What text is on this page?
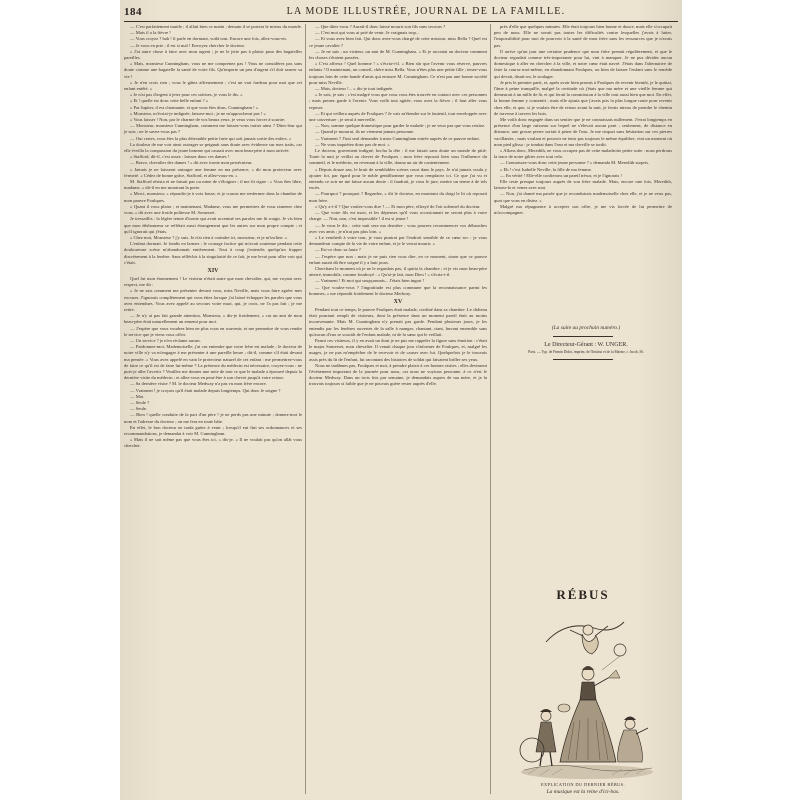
184	LA MODE ILLUSTRÉE, JOURNAL DE LA FAMILLE.

— C'est parfaitement inutile ; il allait bien ce matin ; demain il se portera le mieux du monde.

— Mais il a la fièvre !

— Vous croyez ? bah ! il parle en dormant, voilà tout. Encore une fois, allez-vous-en.

— Je vous en prie ; il est si mal ! Envoyez chercher le docteur.

« J'ai autre chose à faire avec mon argent ; je ne le jette pas à plaisir pour des bagatelles pareilles.

« Mais, monsieur Cunningham, vous ne me comprenez pas ! Vous ne considérez pas sans doute comme une bagatelle la santé de votre fils. Qu'importe un peu d'argent s'il doit sauver sa vie !

« Je n'en crois rien ; vous le gâtez affreusement ; c'est un vrai fardeau pour moi que cet enfant entêté. »

« Je n'ai pas d'argent à jeter pour ces sottises, je vous le dis. »

« Et ! quelle est donc cette belle enfant ? »

« Par Jupiter, il est charmante, et que vous êtes donc, Cunningham ! »

« Monsieur, m'écriai-je indignée, laissez-moi ; je ne m'approcherai pas ! »

« Vous laisser ! Non, par le charme de vos beaux yeux, je veux vous forcer à sourire.

— Monsieur, monsieur Cunningham, comment me laissez-vous traiter ainsi ? Dites-leur qui je suis ; ne le savez-vous pas ?

— Oui certes, vous êtes la plus détestable petite furie qui soit jamais sortie des enfers. »

La douleur de me voir ainsi outrager se peignait sans doute avec évidence sur mes traits, car elle éveilla la compassion du jeune homme qui causait avec mon beau-père à mon arrivée.

« Stafford, dit-il, c'est assez : laissez donc ces dames !

— Bravo, chevalier des dames ! » dit avec ironie mon persécuteur.

« Jamais je ne laisserai outrager une femme en ma présence, » dit mon protecteur avec fermeté. « Cédez de bonne grâce, Stafford, et allez-vous-en. »

M. Stafford résista et ne faisait pas ou mine de s'éloigner ; il me fit signe : « Vous êtes libre, madame, » dit-il en me montrant la porte.

« Merci, monsieur, » répondis-je à voix basse, et je courus me renfermer dans la chambre de mon pauvre Foulques.

« Quant il vous plaira ; et maintenant, Madame, vous me permettrez de vous ramener chez vous, » dit avec une froide politesse M. Somerset.

Je tressaillis : la légère teinte d'ironie qui avait accentué ses paroles me fit rougir. Je vis bien que mon déshonneur se reflétait aussi étrangement que les autres sur mon propre compte ; et qu'il ignorait qui j'étais.

« Chez moi, Monsieur ? j'y suis. Je n'ai rien à craindre ici, monsieur, et je m'incline. »

L'enfant dormait. Je fondis en larmes ; le courage factice qui m'avait soutenue pendant cette douloureuse scène m'abandonnait entièrement. Tout à coup j'entendis quelqu'un frapper discrètement à la fenêtre. Sans réfléchir à la singularité de ce fait, je me levai pour aller voir qui c'était.

XIV

Quel fut mon étonnement ! Le visiteur n'était autre que mon chevalier, qui, me voyant avec respect, me dit :

« Je ne sais comment me présenter devant vous, miss Neville, mais vous faire agréer mes excuses. J'ignorais complètement qui vous étiez lorsque j'ai laissé échapper les paroles que vous avez entendues. Vous avez appelé au secours votre mari, qui, je crois, ne l'a pas fait ; je me retire.

— Je n'y ai pas fait grande attention, Monsieur, » dis-je froidement, « car un ami de mon beau-père était naturellement un ennemi pour moi.

— J'espère que vous voudrez bien ne plus vous en souvenir, et me permettre de vous rendre le service que je viens vous offrir.

— Un service ? je n'en réclame aucun.

— Pardonnez-moi, Mademoiselle, j'ai cru entendre que votre frère est malade ; le docteur de notre ville n'y va m'engager à me présenter à une pareille heure ; dit-il, comme s'il était devant ma pensée. « Vous avez appelé en vain le protecteur naturel de cet enfant : me permettrez-vous de faire ce qu'il est de faire lui-même ? La présence du médecin est nécessaire, croyez-vous : ne puis-je aller l'avertir ? Veuillez me donner une note de tout ce que le malade a éprouvé depuis la dernière visite du médecin ; et allez-vous en peut-être à son chevet jusqu'à votre retour.

— Sa dernière visite ? M. le docteur Medway n'a pas vu mon frère encore.

— Vraiment ! je croyais qu'il était malade depuis longtemps. Qui donc le soigne ?

— Moi.

— Seule ?

— Seule.

— Bien ! quelle conduite de la part d'un père ! je ne perds pas une minute ; donnez-moi le nom et l'adresse du docteur ; on me fera en toute hâte.

En effet, le bon docteur ne tarda guère à venir ; lorsqu'il eut fini ses ordonnances et ses recommandations, je demandai à voir M. Cunningham.

« Mais il ne sait même pas que vous êtes ici, » dis-je. « Il ne voulait pas qu'on allât vous chercher.

— Que dites-vous ? Aurait-il donc laissé mourir son fils sans secours ?

— C'est moi qui vous ai prié de venir. Je craignais trop...

— Et vous avez bien fait. Qui donc avez-vous chargé de cette mission, miss Bella ? Quel est ce jeune cavalier ?

— Je ne sais ; un visiteur, un ami de M. Cunningham. » Et je racontai au docteur comment les choses s'étaient passées.

« C'est affreux ! Quel homme ! » s'écria-t-il. « Bien sûr que l'avenir vous réserve, pauvres enfants ! Il maintenant, un conseil, chère miss Bella. Vous n'êtes plus une petite fille ; tenez-vous toujours loin de cette bande d'amis qui entoure M. Cunningham. Ce n'est pas une bonne société pour miss Neville.

— Mais, docteur !... » dis-je tout indignée.

« Je sais, je sais ; c'est malgré vous que vous vous êtes trouvée en contact avec ces personnes ; mais prenez garde à l'avenir. Vous voilà tout agitée, vous avez la fièvre ; il faut aller vous reposer.

— Et qui veillera auprès de Foulques ? Je vais m'étendre sur le fauteuil, tout enveloppée avec une couverture ; je serai à merveille.

— Non, somme quelque domestique pour garder le malade ; je ne veux pas que vous restiez.

— Quand je mourrai, ils ne viennent jamais personne.

— Vraiment ? J'irai seul demander à miss Cunningham entrée auprès de ce pauvre enfant.

— Ne vous inquiétez donc pas de moi. »

Le docteur, gravement indigné, hocha la tête : il me faisait sans doute un monde de pitié. Toute la nuit je veillai au chevet de Foulques ; mon frère reposait bien sous l'influence du sommeil, et le médecin, en revenant à la ville, donna un air de contentement.

« Depuis douze ans, le bruit de semblables scènes court dans le pays. Je n'ai jamais voulu y ajouter foi, par égard pour le noble gentilhomme que vous remplacez ici. Ce que j'ai vu et entendu ce soir ne me laisse aucun doute : il faudrait, je vous le jure, mettre un terme à de tels excès.

— Pourquoi ? pourquoi ? Regardez, » dit le docteur, en montrant du doigt le lit où reposait mon frère.

« Qu'y a-t-il ? Que voulez-vous dire ? — Et mon père, effrayé de l'air solennel du docteur.

— Que votre fils est mort, et les dépenses qu'il vous occasionnait ne seront plus à votre charge. — Non, non, c'est impossible ! il est si jeune !

— Je vous le dis : cette nuit sera ma dernière ; vous pourrez recommencer vos débauches avec vos amis ; je n'irai pas plus loin. »

« Le vendredi à votre tour, je vous punirai par l'endroit sensible de ce cœur sec : je vous demanderai compte de la vie de votre enfant, et je le verrai mourir. »

— Est-ce donc sa faute ?

— J'espère que non ; mais je ne puis rien vous dire, en ce moment, sinon que ce pauvre enfant aurait dû être soigné il y a huit jours.

Cherchant le moment où je ne le regardais pas, il quitta la chambre ; et je vis mon beau-père atterré, immobile, comme foudroyé : « Qu'ai-je fait, mon Dieu ! » s'écria-t-il.

— Vraiment ! Et moi qui soupçonnais... J'étais bien ingrat !

— Que voulez-vous ? l'ingratitude est plus commune que la reconnaissance parmi les hommes, » me répondit froidement le docteur Medway.

XV

Pendant tout ce temps, le pauvre Foulques était malade, confiné dans sa chambre. Le château était pourtant rempli de visiteurs, dont la présence dans un moment pareil était au moins inconvenante. Mais M. Cunningham n'y prenait pas garde. Pendant plusieurs jours, je les entendis par les fenêtres ouvertes de la salle à manger, chantant, riant, buvant ensemble sans qu'aucun d'eux se souciât de l'enfant malade, ni de la sœur qui le veillait.

Parmi ces visiteurs, il y en avait un dont je ne pus me rappeler la figure sans émotion : c'était le major Somerset, mon chevalier. Il venait chaque jour s'informer de Foulques, et, malgré les usages, je ne pus m'empêcher de le recevoir et de causer avec lui. Quelquefois je le trouvais assis près du lit de l'enfant, lui racontant des histoires de soldat qui faisaient briller ses yeux.

Nous ne tardâmes pas, Foulques et moi, à prendre plaisir à ces bonnes visites ; elles devinrent l'événement important de la journée pour nous, car nous ne voyions personne, à ce n'est le docteur Medway. Dans un trois fois par semaine, je demandais aupres de ma mère, et je la trouvais toujours si faible que je ne pouvais guère rester auprès d'elle.

près d'elle que quelques minutes. Elle était toujours bien bonne et douce, mais elle s'occupait peu de nous. Elle ne savait pas toutes les difficultés contre lesquelles j'avais à lutter, l'impossibilité pour moi de pourvoir à la santé de mon frère sans les ressources que je n'avais pas.

Il arrive qu'un jour une certaine prudence que mon frère prenait régulièrement, et que le docteur regardait comme très-importante pour lui, vint à manquer. Je ne pus décider aucun domestique à aller en chercher à la ville, et notre cœur était navré. J'étais dans l'alternative de faire la course moi-même, en abandonnant Foulques, ou bien de laisser l'enfant sans le remède qui devait, disait-on, le soulager.

Je pris le premier parti, et, après avoir bien promis à Foulques de revenir bientôt, je le quittai, l'âme à peine tranquille, malgré la certitude où j'étais que ma mère et une vieille femme qui demeurait à un mille de là, et qui ferait la commission à la ville tout aussi bien que moi. En effet, la bonne femme y consentit ; mais elle ajouta que j'avais pris la plus longue route pour revenir chez elle, et que, si je voulais être de retour avant la nuit, je ferais mieux de prendre le chemin de traverse à travers les bois.

Me voilà donc engagée dans un sentier que je ne connaissais nullement. J'errai longtemps en présence d'un large ruisseau sur lequel ne s'élevait aucun pont ; seulement, de distance en distance, une grosse pierre sortait à peine de l'eau. Je me risquai sans hésitation sur ces pierres vacillantes ; mais voulant et pouvoir ne tenir pas toujours le même équilibre, vint un moment où mon pied glissa : je tombai dans l'eau et ma cheville se tordit.

« Allons donc, Meredith, ne vous occupez pas de cette maladroite petite sotte : nous perdrons la trace de notre gibier avec tout cela.

— Connaissez-vous donc cette jeune personne ? » demanda M. Meredith surpris.

« Eh ! c'est Isabelle Neville, la fille de ma femme.

— En vérité ! Elle-elle confierons un pareil trésor, et je l'ignorais !

Elle reste presque toujours auprès de son frère malade. Mais, encore une fois, Meredith, laissez-la et venez avec moi.

— Non, j'ai donné ma parole que je reconduirais mademoiselle chez elle, et je ne veux pas, quoi que vous en disiez. »

Malgré ma répugnance à accepter son offre, je me vis forcée de lui permettre de m'accompagner.

(La suite au prochain numéro.)

Le Directeur-Gérant : W. UNGER.

Paris. — Typ. de Firmin Didot, imprim. de l'Institut et de la Marine, r. Jacob, 56.

RÉBUS
EXPLICATION DU DERNIER RÉBUS.
La musique est la reine d'ici-bas.
